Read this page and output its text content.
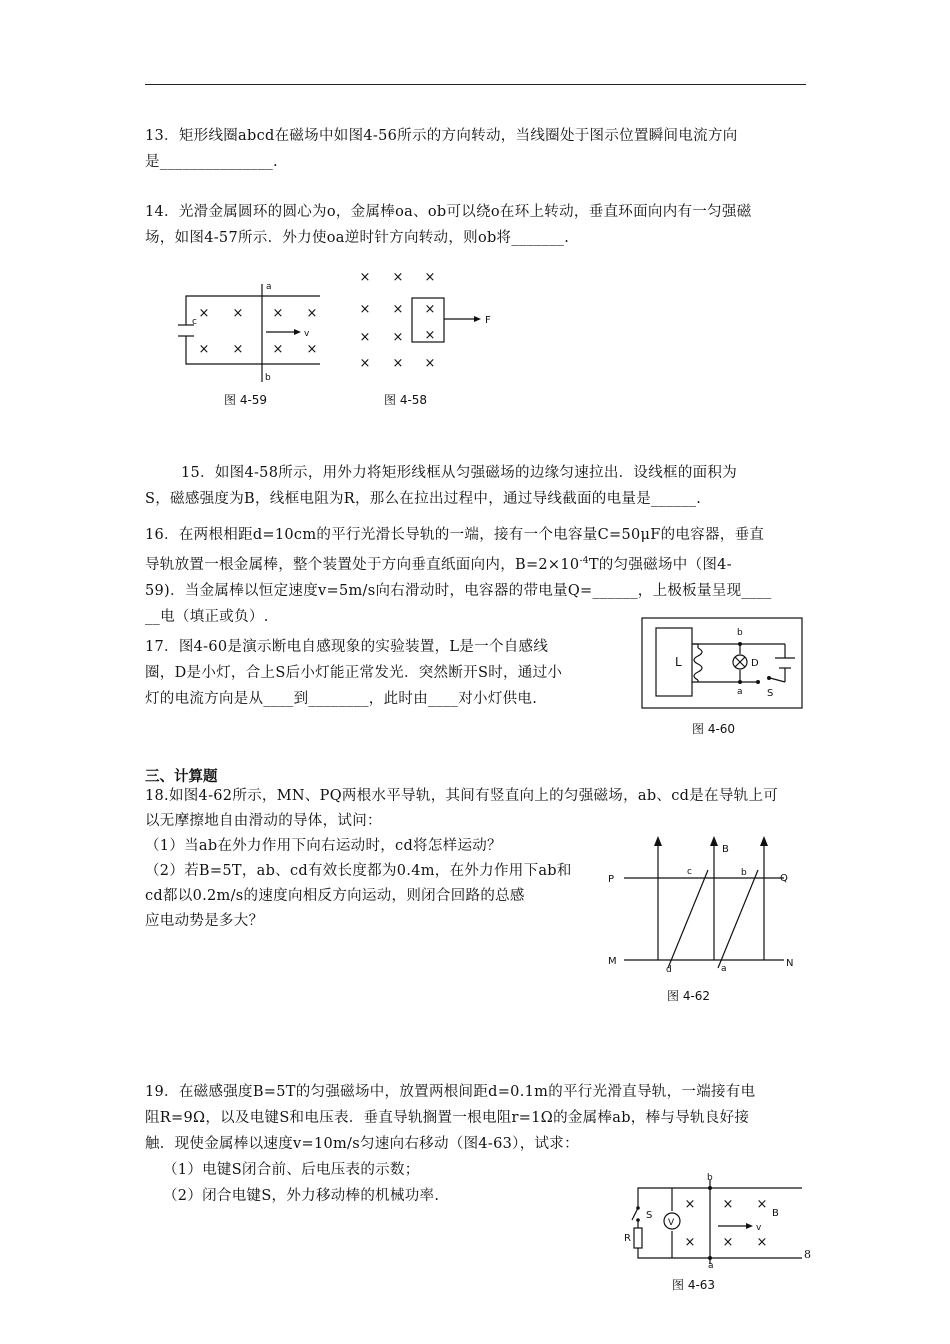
13．矩形线圈abcd在磁场中如图4-56所示的方向转动，当线圈处于图示位置瞬间电流方向
是_______________.
14．光滑金属圆环的圆心为o，金属棒oa、ob可以绕o在环上转动，垂直环面向内有一匀强磁
场，如图4-57所示．外力使oa逆时针方向转动，则ob将_______.
a
b
c
v
× × × ×
× × × ×
图 4-59
F
× × ×
× × ×
× × ×
× × ×
图 4-58
15．如图4-58所示，用外力将矩形线框从匀强磁场的边缘匀速拉出．设线框的面积为
S，磁感强度为B，线框电阻为R，那么在拉出过程中，通过导线截面的电量是______.
16．在两根相距d=10cm的平行光滑长导轨的一端，接有一个电容量C=50μF的电容器，垂直
导轨放置一根金属棒，整个装置处于方向垂直纸面向内，$B=2\times 10^{-4}T$的匀强磁场中（图4-
59)．当金属棒以恒定速度v=5m/s向右滑动时，电容器的带电量Q=______，上极板量呈现____
__电（填正或负）.
17．图4-60是演示断电自感现象的实验装置，L是一个自感线
圈，D是小灯，合上S后小灯能正常发光．突然断开S时，通过小
灯的电流方向是从____到________，此时由____对小灯供电.
L	D
b
a S
图 4-60
三、计算题
18.如图4-62所示，MN、PQ两根水平导轨，其间有竖直向上的匀强磁场，ab、cd是在导轨上可
以无摩擦地自由滑动的导体，试问：
（1）当ab在外力作用下向右运动时，cd将怎样运动？
（2）若B=5T，ab、cd有效长度都为0.4m，在外力作用下ab和
cd都以0.2m/s的速度向相反方向运动，则闭合回路的总感
应电动势是多大？
P	Q
M	N
B
c	b
d	a
图 4-62
19．在磁感强度B=5T的匀强磁场中，放置两根间距d=0.1m的平行光滑直导轨，一端接有电
阻R=9Ω，以及电键S和电压表．垂直导轨搁置一根电阻r=1Ω的金属棒ab，棒与导轨良好接
触．现使金属棒以速度v=10m/s匀速向右移动（图4-63），试求：
（1）电键S闭合前、后电压表的示数；
（2）闭合电键S，外力移动棒的机械功率.
V
S
R
b
a
B
v
× × ×
× × ×
图 4-63
8
